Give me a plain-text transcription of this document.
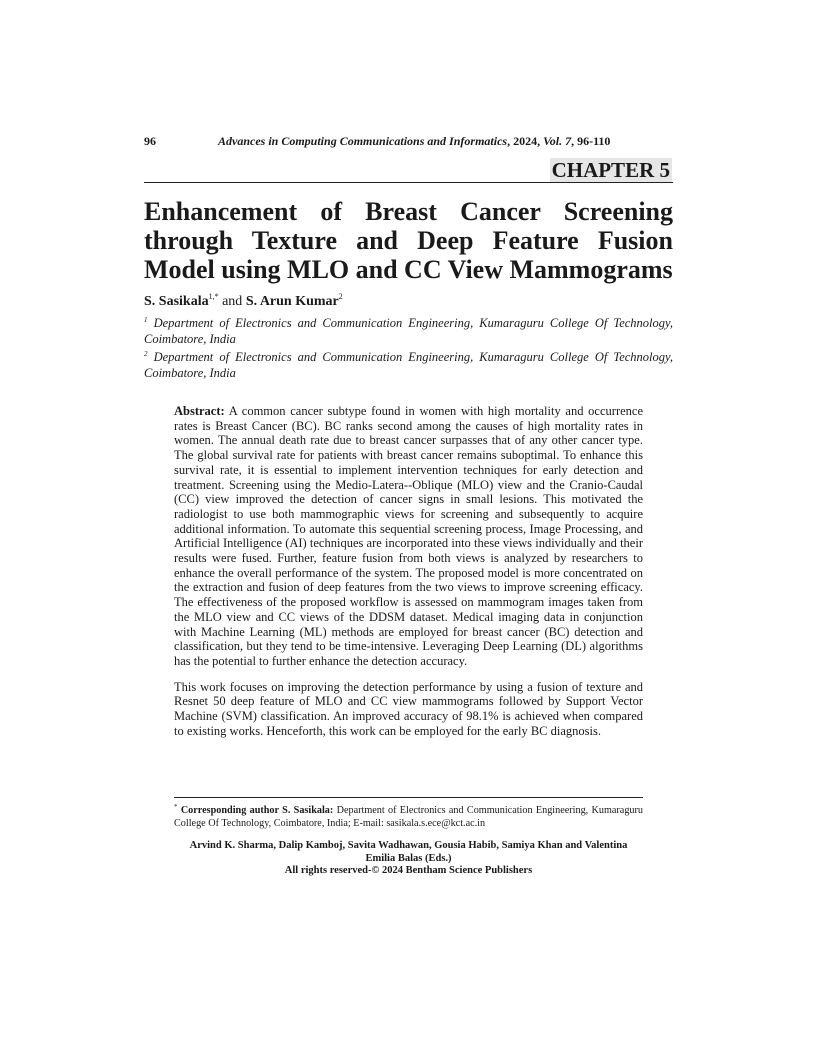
96	Advances in Computing Communications and Informatics, 2024, Vol. 7, 96-110
CHAPTER 5
Enhancement of Breast Cancer Screening through Texture and Deep Feature Fusion Model using MLO and CC View Mammograms
S. Sasikala$^{1,*}$ and S. Arun Kumar$^2$
$^1$ Department of Electronics and Communication Engineering, Kumaraguru College Of Technology, Coimbatore, India
$^2$ Department of Electronics and Communication Engineering, Kumaraguru College Of Technology, Coimbatore, India

Abstract: A common cancer subtype found in women with high mortality and occurrence rates is Breast Cancer (BC). BC ranks second among the causes of high mortality rates in women. The annual death rate due to breast cancer surpasses that of any other cancer type. The global survival rate for patients with breast cancer remains suboptimal. To enhance this survival rate, it is essential to implement intervention techniques for early detection and treatment. Screening using the Medio-Latera--Oblique (MLO) view and the Cranio-Caudal (CC) view improved the detection of cancer signs in small lesions. This motivated the radiologist to use both mammographic views for screening and subsequently to acquire additional information. To automate this sequential screening process, Image Processing, and Artificial Intelligence (AI) techniques are incorporated into these views individually and their results were fused. Further, feature fusion from both views is analyzed by researchers to enhance the overall performance of the system. The proposed model is more concentrated on the extraction and fusion of deep features from the two views to improve screening efficacy. The effectiveness of the proposed workflow is assessed on mammogram images taken from the MLO view and CC views of the DDSM dataset. Medical imaging data in conjunction with Machine Learning (ML) methods are employed for breast cancer (BC) detection and classification, but they tend to be time-intensive. Leveraging Deep Learning (DL) algorithms has the potential to further enhance the detection accuracy.

This work focuses on improving the detection performance by using a fusion of texture and Resnet 50 deep feature of MLO and CC view mammograms followed by Support Vector Machine (SVM) classification. An improved accuracy of 98.1% is achieved when compared to existing works. Henceforth, this work can be employed for the early BC diagnosis.

* Corresponding author S. Sasikala: Department of Electronics and Communication Engineering, Kumaraguru College Of Technology, Coimbatore, India; E-mail: sasikala.s.ece@kct.ac.in
Arvind K. Sharma, Dalip Kamboj, Savita Wadhawan, Gousia Habib, Samiya Khan and Valentina Emilia Balas (Eds.)
All rights reserved-© 2024 Bentham Science Publishers
